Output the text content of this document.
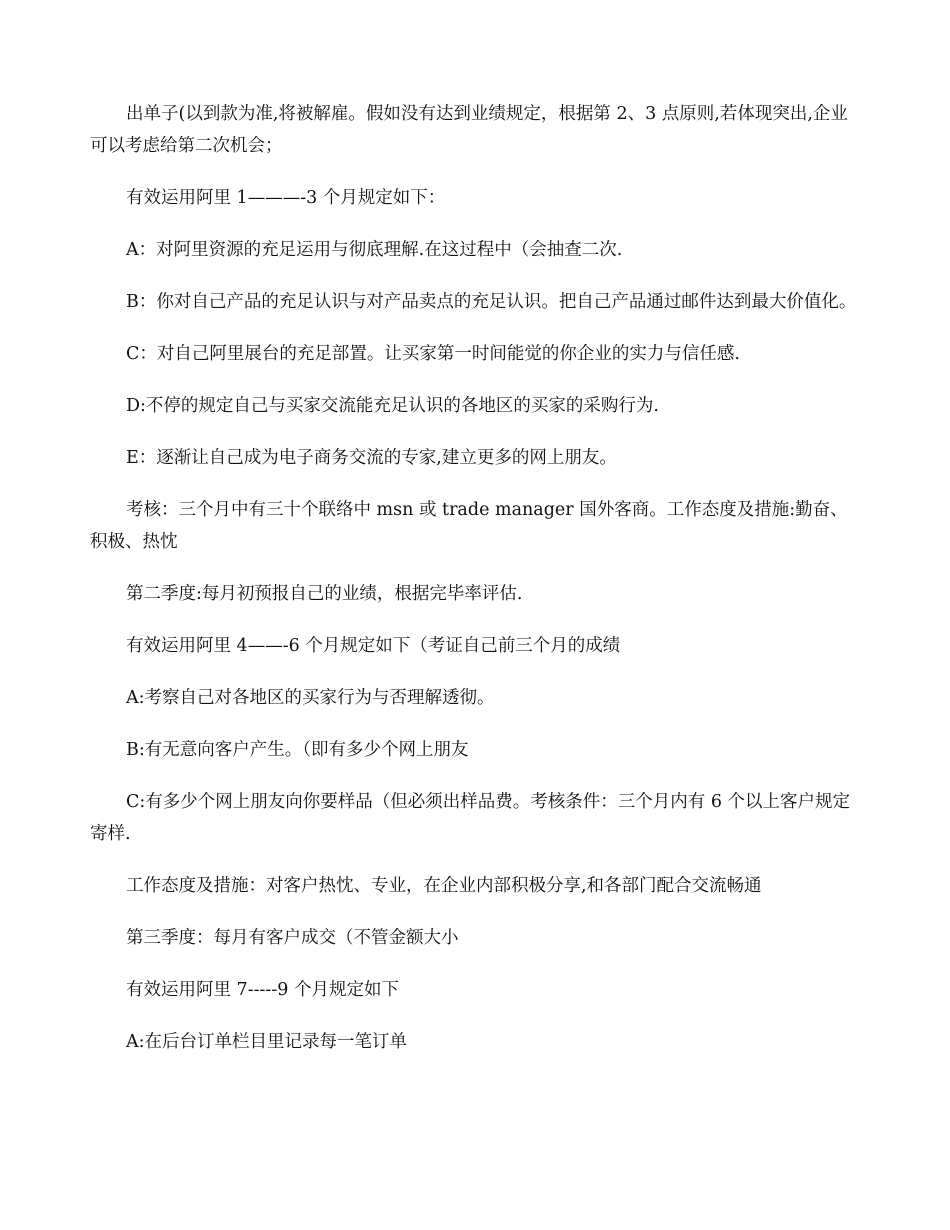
出单子(以到款为准,将被解雇。假如没有达到业绩规定，根据第 2、3 点原则,若体现突出,企业可以考虑给第二次机会；

有效运用阿里 1———-3 个月规定如下：

A：对阿里资源的充足运用与彻底理解.在这过程中（会抽查二次.

B：你对自己产品的充足认识与对产品卖点的充足认识。把自己产品通过邮件达到最大价值化。

C：对自己阿里展台的充足部置。让买家第一时间能觉的你企业的实力与信任感.

D:不停的规定自己与买家交流能充足认识的各地区的买家的采购行为.

E：逐渐让自己成为电子商务交流的专家,建立更多的网上朋友。

考核：三个月中有三十个联络中 msn 或 trade manager 国外客商。工作态度及措施:勤奋、积极、热忱

第二季度:每月初预报自己的业绩，根据完毕率评估.

有效运用阿里 4——-6 个月规定如下（考证自己前三个月的成绩

A:考察自己对各地区的买家行为与否理解透彻。

B:有无意向客户产生。（即有多少个网上朋友

C:有多少个网上朋友向你要样品（但必须出样品费。考核条件：三个月内有 6 个以上客户规定寄样.

工作态度及措施：对客户热忱、专业，在企业内部积极分享,和各部门配合交流畅通

第三季度：每月有客户成交（不管金额大小

有效运用阿里 7-----9 个月规定如下

A:在后台订单栏目里记录每一笔订单
